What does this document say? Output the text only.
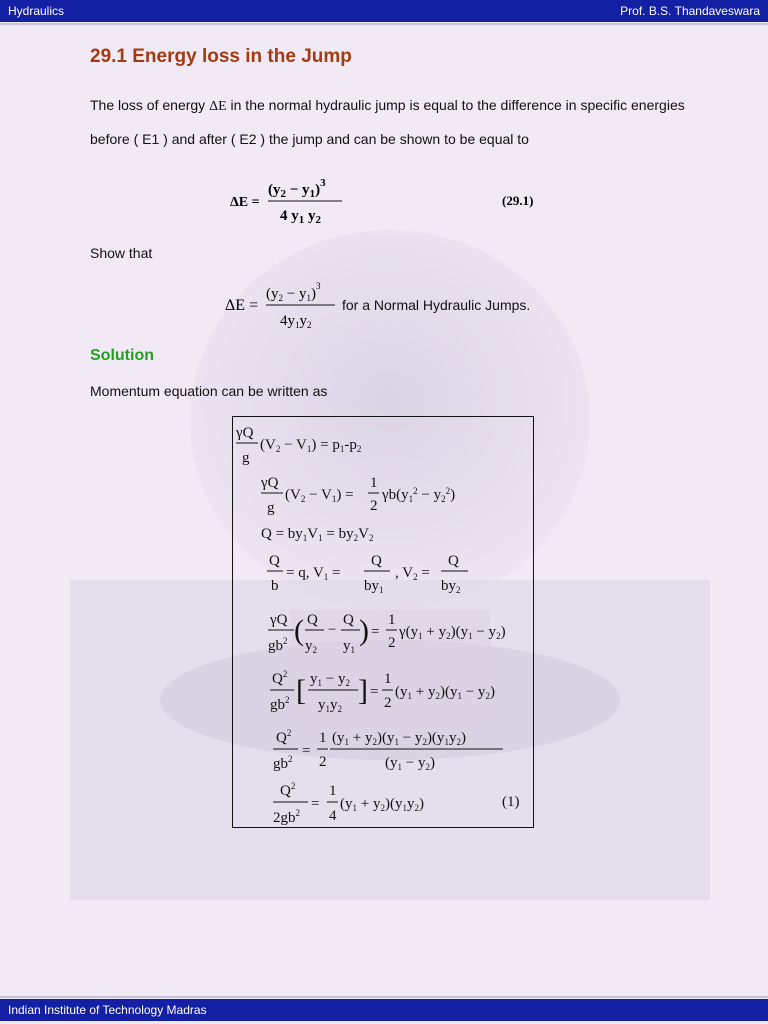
Hydraulics	Prof. B.S. Thandaveswara
29.1 Energy loss in the Jump

The loss of energy ΔE in the normal hydraulic jump is equal to the difference in specific energies before ( E1 ) and after ( E2 ) the jump and can be shown to be equal to

(29.1)

Show that

for a Normal Hydraulic Jumps.
Solution

Momentum equation can be written as

ΔE =
$(y_2 - y_1)^3$
4 $y_1$ $y_2$
ΔE =
$(y_2 - y_1)^3$
$4y_1y_2$
γQ
g
$(V_2 - V_1) = p_1-p_2$
γQ
g
$(V_2 - V_1)$ =
1
2
$\gamma b(y_1^2 - y_2^2)$
$Q = by_1V_1 = by_2V_2$
Q
b
= q, $V_1$ =
Q
$by_1$
, $V_2$ =
Q
$by_2$
γQ
$gb^2$ ( Q
$y_2$
−
Q
$y_1$
) =
1
2
$\gamma(y_1 + y_2)(y_1 - y_2)$
$Q^2$
$gb^2$ [ $y_1 - y_2$
$y_1y_2$
] =
1
2
$(y_1 + y_2)(y_1 - y_2)$
$Q^2$
$gb^2$ =
1
2
$(y_1 + y_2)(y_1 - y_2)(y_1y_2)$
$(y_1 - y_2)$
$Q^2$
$2gb^2$
=
1
4
$(y_1 + y_2)(y_1y_2)$	(1)
Indian Institute of Technology Madras
